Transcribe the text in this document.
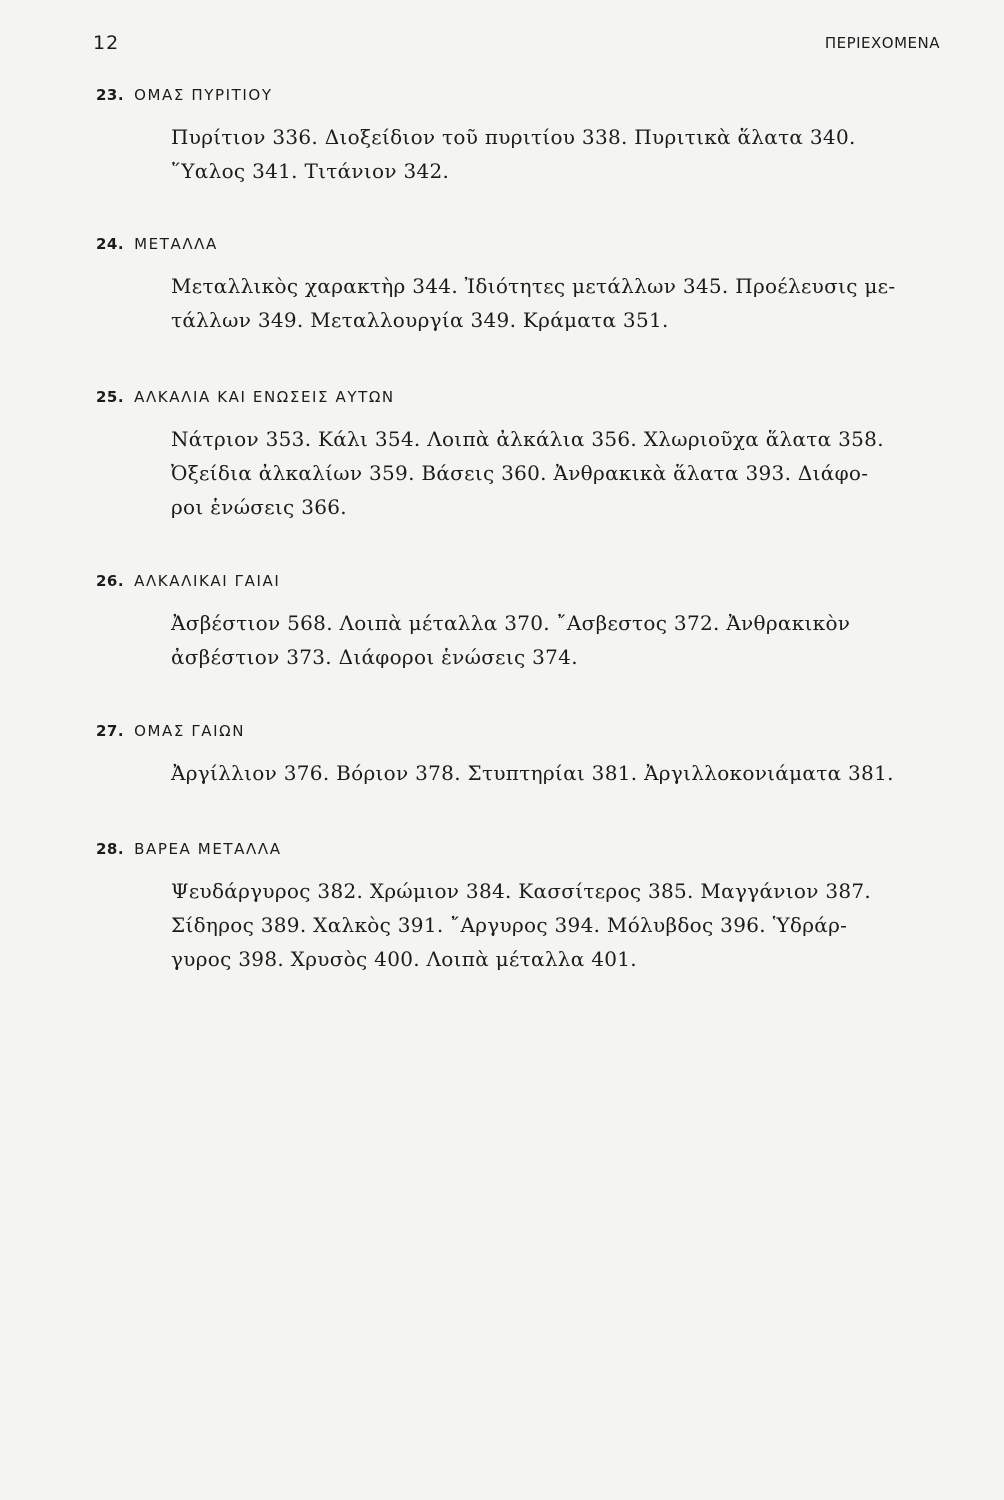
12	ΠΕΡΙΕΧΟΜΕΝΑ
23. ΟΜΑΣ ΠΥΡΙΤΙΟΥ

Πυρίτιον 336. Διοξείδιον τοῦ πυριτίου 338. Πυριτικὰ ἅλατα 340.
῞Υαλος 341. Τιτάνιον 342.

24. ΜΕΤΑΛΛΑ

Μεταλλικὸς χαρακτὴρ 344. Ἰδιότητες μετάλλων 345. Προέλευσις με-
τάλλων 349. Μεταλλουργία 349. Κράματα 351.

25. ΑΛΚΑΛΙΑ ΚΑΙ ΕΝΩΣΕΙΣ ΑΥΤΩΝ

Νάτριον 353. Κάλι 354. Λοιπὰ ἀλκάλια 356. Χλωριοῦχα ἅλατα 358.
Ὀξείδια ἀλκαλίων 359. Βάσεις 360. Ἀνθρακικὰ ἅλατα 393. Διάφο-
ροι ἑνώσεις 366.

26. ΑΛΚΑΛΙΚΑΙ ΓΑΙΑΙ

Ἀσβέστιον 568. Λοιπὰ μέταλλα 370. ῎Ασβεστος 372. Ἀνθρακικὸν
ἀσβέστιον 373. Διάφοροι ἑνώσεις 374.

27. ΟΜΑΣ ΓΑΙΩΝ

Ἀργίλλιον 376. Βόριον 378. Στυπτηρίαι 381. Ἀργιλλοκονιάματα 381.

28. ΒΑΡΕΑ ΜΕΤΑΛΛΑ

Ψευδάργυρος 382. Χρώμιον 384. Κασσίτερος 385. Μαγγάνιον 387.
Σίδηρος 389. Χαλκὸς 391. ῎Αργυρος 394. Μόλυβδος 396. Ὑδράρ-
γυρος 398. Χρυσὸς 400. Λοιπὰ μέταλλα 401.
